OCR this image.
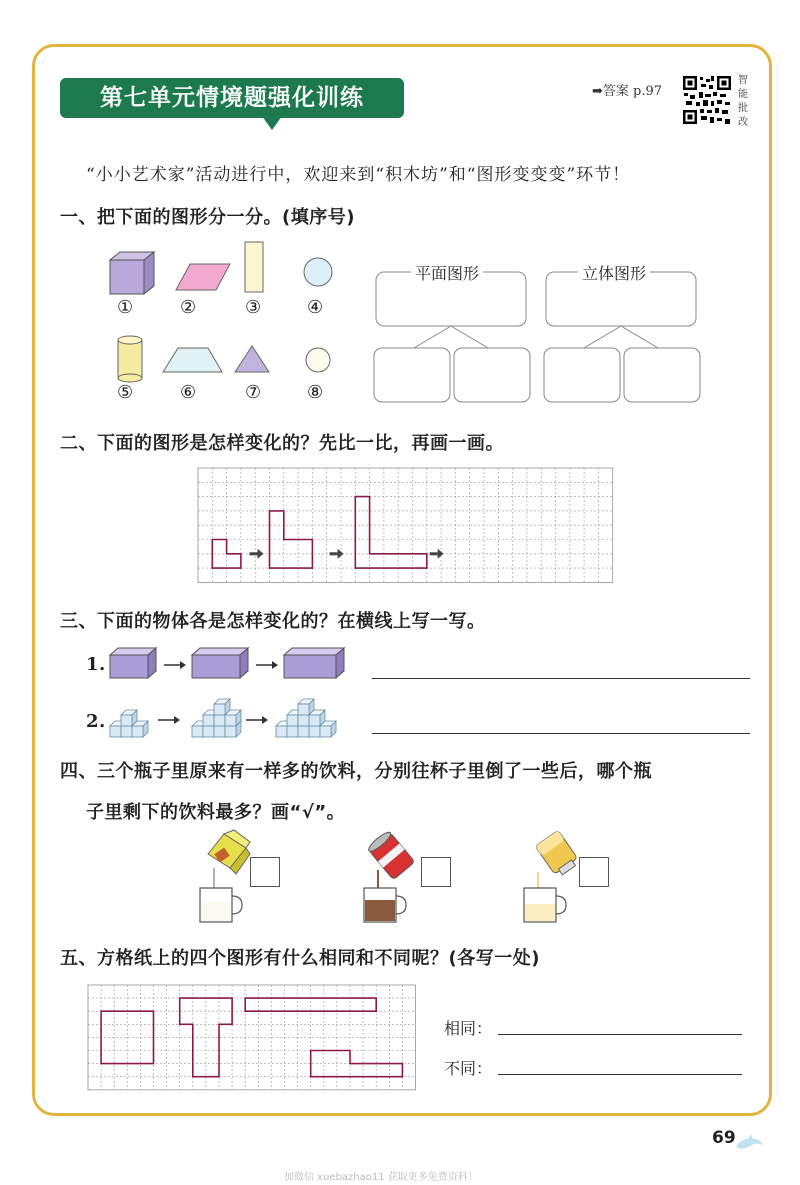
第七单元情境题强化训练	➡答案 p.97
智能批改
“小小艺术家”活动进行中，欢迎来到“积木坊”和“图形变变变”环节！
一、把下面的图形分一分。(填序号)
①	②	③	④
⑤	⑥	⑦	⑧
平面图形	立体图形
二、下面的图形是怎样变化的？先比一比，再画一画。
三、下面的物体各是怎样变化的？在横线上写一写。
1.
2.
四、三个瓶子里原来有一样多的饮料，分别往杯子里倒了一些后，哪个瓶
子里剩下的饮料最多？画“√”。
五、方格纸上的四个图形有什么相同和不同呢？(各写一处)
相同：
不同：
69
加微信 xuebazhao11 获取更多免费资料！
